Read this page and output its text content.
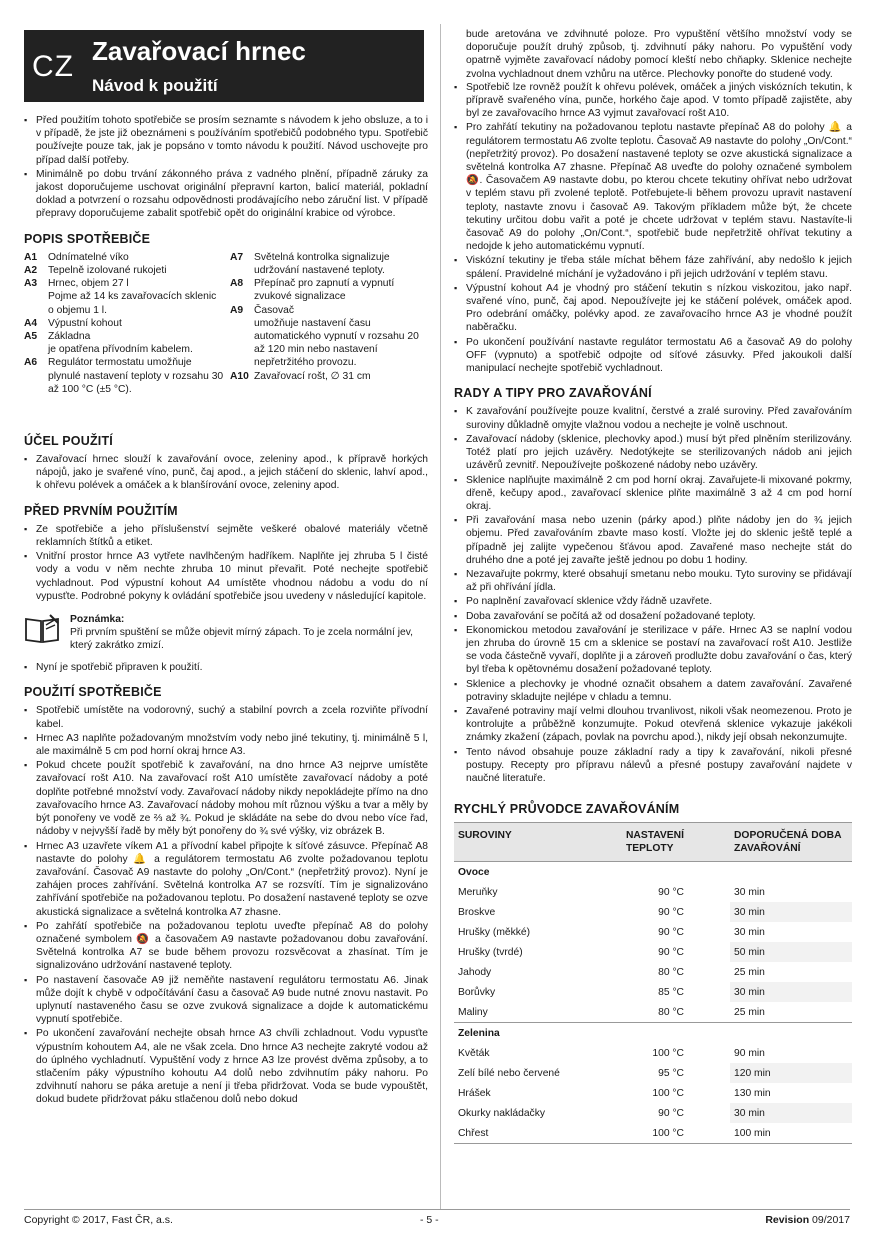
CZ Zavařovací hrnec
Návod k použití
▪ Před použitím tohoto spotřebiče se prosím seznamte s návodem k jeho obsluze, a to i v případě, že jste již obeznámeni s používáním spotřebičů podobného typu. Spotřebič používejte pouze tak, jak je popsáno v tomto návodu k použití. Návod uschovejte pro případ další potřeby.
▪ Minimálně po dobu trvání zákonného práva z vadného plnění, případně záruky za jakost doporučujeme uschovat originální přepravní karton, balicí materiál, pokladní doklad a potvrzení o rozsahu odpovědnosti prodávajícího nebo záruční list. V případě přepravy doporučujeme zabalit spotřebič opět do originální krabice od výrobce.
POPIS SPOTŘEBIČE
A1 Odnímatelné víko
A2 Tepelně izolované rukojeti
A3 Hrnec, objem 27 l
Pojme až 14 ks zavařovacích sklenic o objemu 1 l.
A4 Výpustní kohout
A5 Základna
je opatřena přívodním kabelem.
A6 Regulátor termostatu umožňuje plynulé nastavení teploty v rozsahu 30 až 100 °C (±5 °C).
A7 Světelná kontrolka signalizuje udržování nastavené teploty.
A8 Přepínač pro zapnutí a vypnutí zvukové signalizace
A9 Časovač
umožňuje nastavení času automatického vypnutí v rozsahu 20 až 120 min nebo nastavení nepřetržitého provozu.
A10 Zavařovací rošt, ∅ 31 cm
ÚČEL POUŽITÍ
▪ Zavařovací hrnec slouží k zavařování ovoce, zeleniny apod., k přípravě horkých nápojů, jako je svařené víno, punč, čaj apod., a jejich stáčení do sklenic, lahví apod., k ohřevu polévek a omáček a k blanšírování ovoce, zeleniny apod.
PŘED PRVNÍM POUŽITÍM
▪ Ze spotřebiče a jeho příslušenství sejměte veškeré obalové materiály včetně reklamních štítků a etiket.
▪ Vnitřní prostor hrnce A3 vytřete navlhčeným hadříkem. Naplňte jej zhruba 5 l čisté vody a vodu v něm nechte zhruba 10 minut převařit. Poté nechejte spotřebič vychladnout. Pod výpustní kohout A4 umístěte vhodnou nádobu a vodu do ní vypusťte. Podrobné pokyny k ovládání spotřebiče jsou uvedeny v následující kapitole.
Poznámka:
Při prvním spuštění se může objevit mírný zápach. To je zcela normální jev, který zakrátko zmizí.
▪ Nyní je spotřebič připraven k použití.
POUŽITÍ SPOTŘEBIČE
▪ Spotřebič umístěte na vodorovný, suchý a stabilní povrch a zcela rozviňte přívodní kabel.
▪ Hrnec A3 naplňte požadovaným množstvím vody nebo jiné tekutiny, tj. minimálně 5 l, ale maximálně 5 cm pod horní okraj hrnce A3.
▪ Pokud chcete použít spotřebič k zavařování, na dno hrnce A3 nejprve umístěte zavařovací rošt A10. Na zavařovací rošt A10 umístěte zavařovací nádoby a poté doplňte potřebné množství vody. Zavařovací nádoby nikdy nepokládejte přímo na dno zavařovacího hrnce A3. Zavařovací nádoby mohou mít různou výšku a tvar a měly by být ponořeny ve vodě ze ⅔ až ¾. Pokud je skládáte na sebe do dvou nebo více řad, nádoby v nejvyšší řadě by měly být ponořeny do ¾ své výšky, viz obrázek B.
▪ Hrnec A3 uzavřete víkem A1 a přívodní kabel připojte k síťové zásuvce. Přepínač A8 nastavte do polohy 🔔 a regulátorem termostatu A6 zvolte požadovanou teplotu zavařování. Časovač A9 nastavte do polohy „On/Cont.“ (nepřetržitý provoz). Nyní je zahájen proces zahřívání. Světelná kontrolka A7 se rozsvítí. Tím je signalizováno zahřívání spotřebiče na požadovanou teplotu. Po dosažení nastavené teploty se ozve akustická signalizace a světelná kontrolka A7 zhasne.
▪ Po zahřátí spotřebiče na požadovanou teplotu uveďte přepínač A8 do polohy označené symbolem 🔕 a časovačem A9 nastavte požadovanou dobu zavařování. Světelná kontrolka A7 se bude během provozu rozsvěcovat a zhasínat. Tím je signalizováno udržování nastavené teploty.
▪ Po nastavení časovače A9 již neměňte nastavení regulátoru termostatu A6. Jinak může dojít k chybě v odpočítávání času a časovač A9 bude nutné znovu nastavit. Po uplynutí nastaveného času se ozve zvuková signalizace a dojde k automatickému vypnutí spotřebiče.
▪ Po ukončení zavařování nechejte obsah hrnce A3 chvíli zchladnout. Vodu vypusťte výpustním kohoutem A4, ale ne však zcela. Dno hrnce A3 nechejte zakryté vodou až do úplného vychladnutí. Vypuštění vody z hrnce A3 lze provést dvěma způsoby, a to stlačením páky výpustního kohoutu A4 dolů nebo zdvihnutím páky nahoru. Po zdvihnutí nahoru se páka aretuje a není ji třeba přidržovat. Voda se bude vypouštět, dokud budete přidržovat páku stlačenou dolů nebo dokud
bude aretována ve zdvihnuté poloze. Pro vypuštění většího množství vody se doporučuje použít druhý způsob, tj. zdvihnutí páky nahoru. Po vypuštění vody opatrně vyjměte zavařovací nádoby pomocí kleští nebo chňapky. Sklenice nechejte zvolna vychladnout dnem vzhůru na utěrce. Plechovky ponořte do studené vody.
▪ Spotřebič lze rovněž použít k ohřevu polévek, omáček a jiných viskózních tekutin, k přípravě svařeného vína, punče, horkého čaje apod. V tomto případě zajistěte, aby byl ze zavařovacího hrnce A3 vyjmut zavařovací rošt A10.
▪ Pro zahřátí tekutiny na požadovanou teplotu nastavte přepínač A8 do polohy 🔔 a regulátorem termostatu A6 zvolte teplotu. Časovač A9 nastavte do polohy „On/Cont.“ (nepřetržitý provoz). Po dosažení nastavené teploty se ozve akustická signalizace a světelná kontrolka A7 zhasne. Přepínač A8 uveďte do polohy označené symbolem 🔕. Časovačem A9 nastavte dobu, po kterou chcete tekutiny ohřívat nebo udržovat v teplém stavu při zvolené teplotě. Potřebujete-li během provozu upravit nastavení teploty, nastavte znovu i časovač A9. Takovým příkladem může být, že chcete tekutiny určitou dobu vařit a poté je chcete udržovat v teplém stavu. Nastavíte-li časovač A9 do polohy „On/Cont.“, spotřebič bude nepřetržitě ohřívat tekutiny a nedojde k jeho automatickému vypnutí.
▪ Viskózní tekutiny je třeba stále míchat během fáze zahřívání, aby nedošlo k jejich spálení. Pravidelné míchání je vyžadováno i při jejich udržování v teplém stavu.
▪ Výpustní kohout A4 je vhodný pro stáčení tekutin s nízkou viskozitou, jako např. svařené víno, punč, čaj apod. Nepoužívejte jej ke stáčení polévek, omáček apod. Pro odebrání omáčky, polévky apod. ze zavařovacího hrnce A3 je vhodné použít naběračku.
▪ Po ukončení používání nastavte regulátor termostatu A6 a časovač A9 do polohy OFF (vypnuto) a spotřebič odpojte od síťové zásuvky. Před jakoukoli další manipulací nechejte spotřebič vychladnout.
RADY A TIPY PRO ZAVAŘOVÁNÍ
▪ K zavařování používejte pouze kvalitní, čerstvé a zralé suroviny. Před zavařováním suroviny důkladně omyjte vlažnou vodou a nechejte je volně uschnout.
▪ Zavařovací nádoby (sklenice, plechovky apod.) musí být před plněním sterilizovány. Totéž platí pro jejich uzávěry. Nedotýkejte se sterilizovaných nádob ani jejich uzávěrů zevnitř. Nepoužívejte poškozené nádoby nebo uzávěry.
▪ Sklenice naplňujte maximálně 2 cm pod horní okraj. Zavařujete-li mixované pokrmy, dřeně, kečupy apod., zavařovací sklenice plňte maximálně 3 až 4 cm pod horní okraj.
▪ Při zavařování masa nebo uzenin (párky apod.) plňte nádoby jen do ¾ jejich objemu. Před zavařováním zbavte maso kostí. Vložte jej do sklenic ještě teplé a případně jej zalijte vypečenou šťávou apod. Zavařené maso nechejte stát do druhého dne a poté jej zavařte ještě jednou po dobu 1 hodiny.
▪ Nezavařujte pokrmy, které obsahují smetanu nebo mouku. Tyto suroviny se přidávají až při ohřívání jídla.
▪ Po naplnění zavařovací sklenice vždy řádně uzavřete.
▪ Doba zavařování se počítá až od dosažení požadované teploty.
▪ Ekonomickou metodou zavařování je sterilizace v páře. Hrnec A3 se naplní vodou jen zhruba do úrovně 15 cm a sklenice se postaví na zavařovací rošt A10. Jestliže se voda částečně vyvaří, doplňte ji a zároveň prodlužte dobu zavařování o čas, který byl třeba k opětovnému dosažení požadované teploty.
▪ Sklenice a plechovky je vhodné označit obsahem a datem zavařování. Zavařené potraviny skladujte nejlépe v chladu a temnu.
▪ Zavařené potraviny mají velmi dlouhou trvanlivost, nikoli však neomezenou. Proto je kontrolujte a průběžně konzumujte. Pokud otevřená sklenice vykazuje jakékoli známky zkažení (zápach, povlak na povrchu apod.), nikdy její obsah nekonzumujte.
▪ Tento návod obsahuje pouze základní rady a tipy k zavařování, nikoli přesné postupy. Recepty pro přípravu nálevů a přesné postupy zavařování najdete v naučné literatuře.
RYCHLÝ PRŮVODCE ZAVAŘOVÁNÍM
SUROVINY	NASTAVENÍ TEPLOTY	DOPORUČENÁ DOBA ZAVAŘOVÁNÍ
Ovoce		
Meruňky	90 °C	30 min
Broskve	90 °C	30 min
Hrušky (měkké)	90 °C	30 min
Hrušky (tvrdé)	90 °C	50 min
Jahody	80 °C	25 min
Borůvky	85 °C	30 min
Maliny	80 °C	25 min
Zelenina		
Květák	100 °C	90 min
Zelí bílé nebo červené	95 °C	120 min
Hrášek	100 °C	130 min
Okurky nakládačky	90 °C	30 min
Chřest	100 °C	100 min
Copyright © 2017, Fast ČR, a.s.	- 5 -	Revision 09/2017
